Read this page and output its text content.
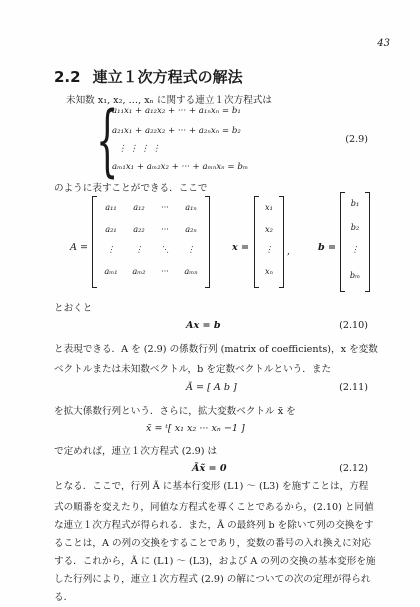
43
2.2 連立１次方程式の解法
未知数 x₁, x₂, …, xₙ に関する連立１次方程式は
{
a₁₁x₁ + a₁₂x₂ + ··· + a₁ₙxₙ = b₁
a₂₁x₁ + a₂₂x₂ + ··· + a₂ₙxₙ = b₂
⋮ ⋮ ⋮ ⋮
aₘ₁x₁ + aₘ₂x₂ + ··· + aₘₙxₙ = bₘ
(2.9)
のように表すことができる．ここで
A =
a₁₁	a₁₂	···	a₁ₙ
a₂₁	a₂₂	···	a₂ₙ
⋮	⋮	⋱	⋮
aₘ₁	aₘ₂	···	aₘₙ
x =
x₁
x₂
⋮
xₙ
,	b =
b₁
b₂
⋮
bₘ
とおくと
Ax = b	(2.10)
と表現できる．A を (2.9) の係数行列 (matrix of coefficients)，x を変数
ベクトルまたは未知数ベクトル，b を定数ベクトルという．また
Ã = [ A b ]	(2.11)
を拡大係数行列という．さらに，拡大変数ベクトル x̃ を
x̃ = ᵗ[ x₁ x₂ ··· xₙ −1 ]
で定めれば，連立１次方程式 (2.9) は
Ãx̃ = 0	(2.12)
となる．ここで，行列 Ã に基本行変形 (L1) 〜 (L3) を施すことは，方程
式の順番を変えたり，同値な方程式を導くことであるから，(2.10) と同値
な連立１次方程式が得られる．また，Ã の最終列 b を除いて列の交換をす
ることは，A の列の交換をすることであり，変数の番号の入れ換えに対応
する．これから，Ã に (L1) 〜 (L3)，および A の列の交換の基本変形を施
した行列により，連立１次方程式 (2.9) の解についての次の定理が得られ
る．
